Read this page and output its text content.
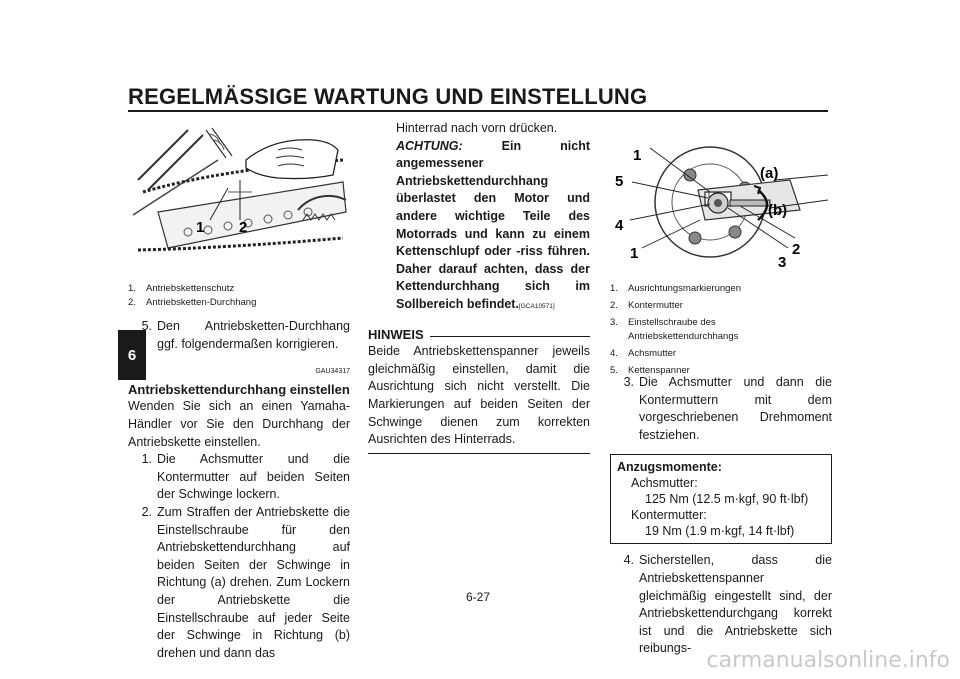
REGELMÄSSIGE WARTUNG UND EINSTELLUNG
6
1 2
1.	Antriebskettenschutz
2.	Antriebsketten-Durchhang
5. Den Antriebsketten-Durchhang ggf. folgendermaßen korrigieren.
GAU34317
Antriebskettendurchhang einstellen
Wenden Sie sich an einen Yamaha-Händler vor Sie den Durchhang der Antriebskette einstellen.
1. Die Achsmutter und die Kontermutter auf beiden Seiten der Schwinge lockern.
2. Zum Straffen der Antriebskette die Einstellschraube für den Antriebskettendurchhang auf beiden Seiten der Schwinge in Richtung (a) drehen. Zum Lockern der Antriebskette die Einstellschraube auf jeder Seite der Schwinge in Richtung (b) drehen und dann das
Hinterrad nach vorn drücken.
ACHTUNG: Ein nicht angemessener Antriebskettendurchhang überlastet den Motor und andere wichtige Teile des Motorrads und kann zu einem Kettenschlupf oder -riss führen. Daher darauf achten, dass der Kettendurchhang sich im Sollbereich befindet.[GCA10571]
HINWEIS
Beide Antriebskettenspanner jeweils gleichmäßig einstellen, damit die Ausrichtung sich nicht verstellt. Die Markierungen auf beiden Seiten der Schwinge dienen zum korrekten Ausrichten des Hinterrads.
1
5
4
1
(a)
(b)
2
3
1.	Ausrichtungsmarkierungen
2.	Kontermutter
3.	Einstellschraube des Antriebskettendurchhangs
4.	Achsmutter
5.	Kettenspanner
3. Die Achsmutter und dann die Kontermuttern mit dem vorgeschriebenen Drehmoment festziehen.
Anzugsmomente:
Achsmutter:
125 Nm (12.5 m·kgf, 90 ft·lbf)
Kontermutter:
19 Nm (1.9 m·kgf, 14 ft·lbf)
4. Sicherstellen, dass die Antriebskettenspanner gleichmäßig eingestellt sind, der Antriebskettendurchgang korrekt ist und die Antriebskette sich reibungs-
6-27
carmanualsonline.info
